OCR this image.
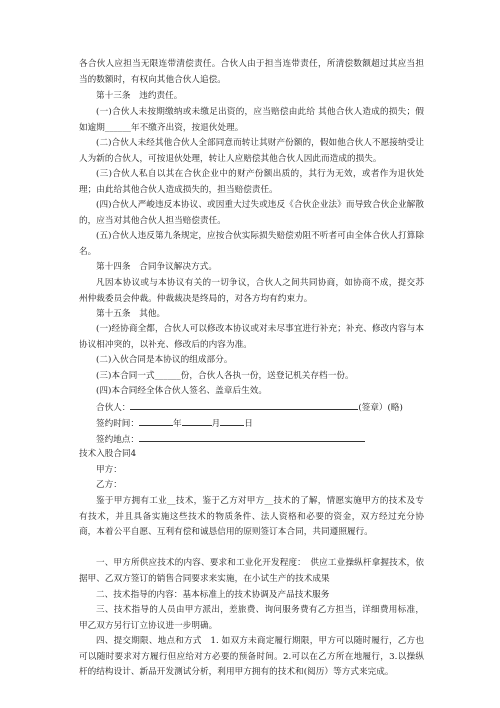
各合伙人应担当无限连带清偿责任。合伙人由于担当连带责任，所清偿数额超过其应当担当的数额时，有权向其他合伙人追偿。

第十三条　违约责任。

(一)合伙人未按期缴纳或未缴足出资的，应当赔偿由此给 其他合伙人造成的损失；假如逾期______年不缴齐出资，按退伙处理。

(二)合伙人未经其他合伙人全部同意而转让其财产份额的，假如他合伙人不愿接纳受让人为新的合伙人，可按退伙处理，转让人应赔偿其他合伙人因此而造成的损失。

(三)合伙人私自以其在合伙企业中的财产份额出质的，其行为无效，或者作为退伙处理；由此给其他合伙人造成损失的，担当赔偿责任。

(四)合伙人严峻违反本协议、或因重大过失或违反《合伙企业法》而导致合伙企业解散的，应当对其他合伙人担当赔偿责任。

(五)合伙人违反第九条规定，应按合伙实际损失赔偿劝阻不听者可由全体合伙人打算除名。

第十四条　合同争议解决方式。

凡因本协议或与本协议有关的一切争议，合伙人之间共同协商，如协商不成，提交苏州仲裁委员会仲裁。仲裁裁决是终局的，对各方均有约束力。

第十五条　其他。

(一)经协商全都，合伙人可以修改本协议或对未尽事宜进行补充；补充、修改内容与本协议相冲突的，以补充、修改后的内容为准。

(二)入伙合同是本协议的组成部分。

(三)本合同一式______份，合伙人各执一份，送登记机关存档一份。

(四)本合同经全体合伙人签名、盖章后生效。

合伙人：	(签章）(略)
签约时间：	年	月	日
签约地点：
技术入股合同4
甲方：
乙方：

鉴于甲方拥有工业__技术，鉴于乙方对甲方__技术的了解，情愿实施甲方的技术及专有技术，并且具备实施这些技术的物质条件、法人资格和必要的资金，双方经过充分协商，本着公平自愿、互利有偿和诚恳信用的原则签订本合同，共同遵照履行。

一、甲方所供应技术的内容、要求和工业化开发程度：　供应工业操纵杆拿握技术，依据甲、乙双方签订的销售合同要求来实施，在小试生产的技术成果

二、技术指导的内容：基本标准上的技术协调及产品技术服务

三、技术指导的人员由甲方派出，差旅费、询问服务费有乙方担当，详细费用标准，甲乙双方另行订立协议进一步明确。

四、提交期限、地点和方式　1. 如双方未商定履行期限，甲方可以随时履行，乙方也可以随时要求对方履行但应给对方必要的预备时间。2.可以在乙方所在地履行，3.以操纵杆的结构设计、新品开发测试分析，利用甲方拥有的技术和(阅历）等方式来完成。
